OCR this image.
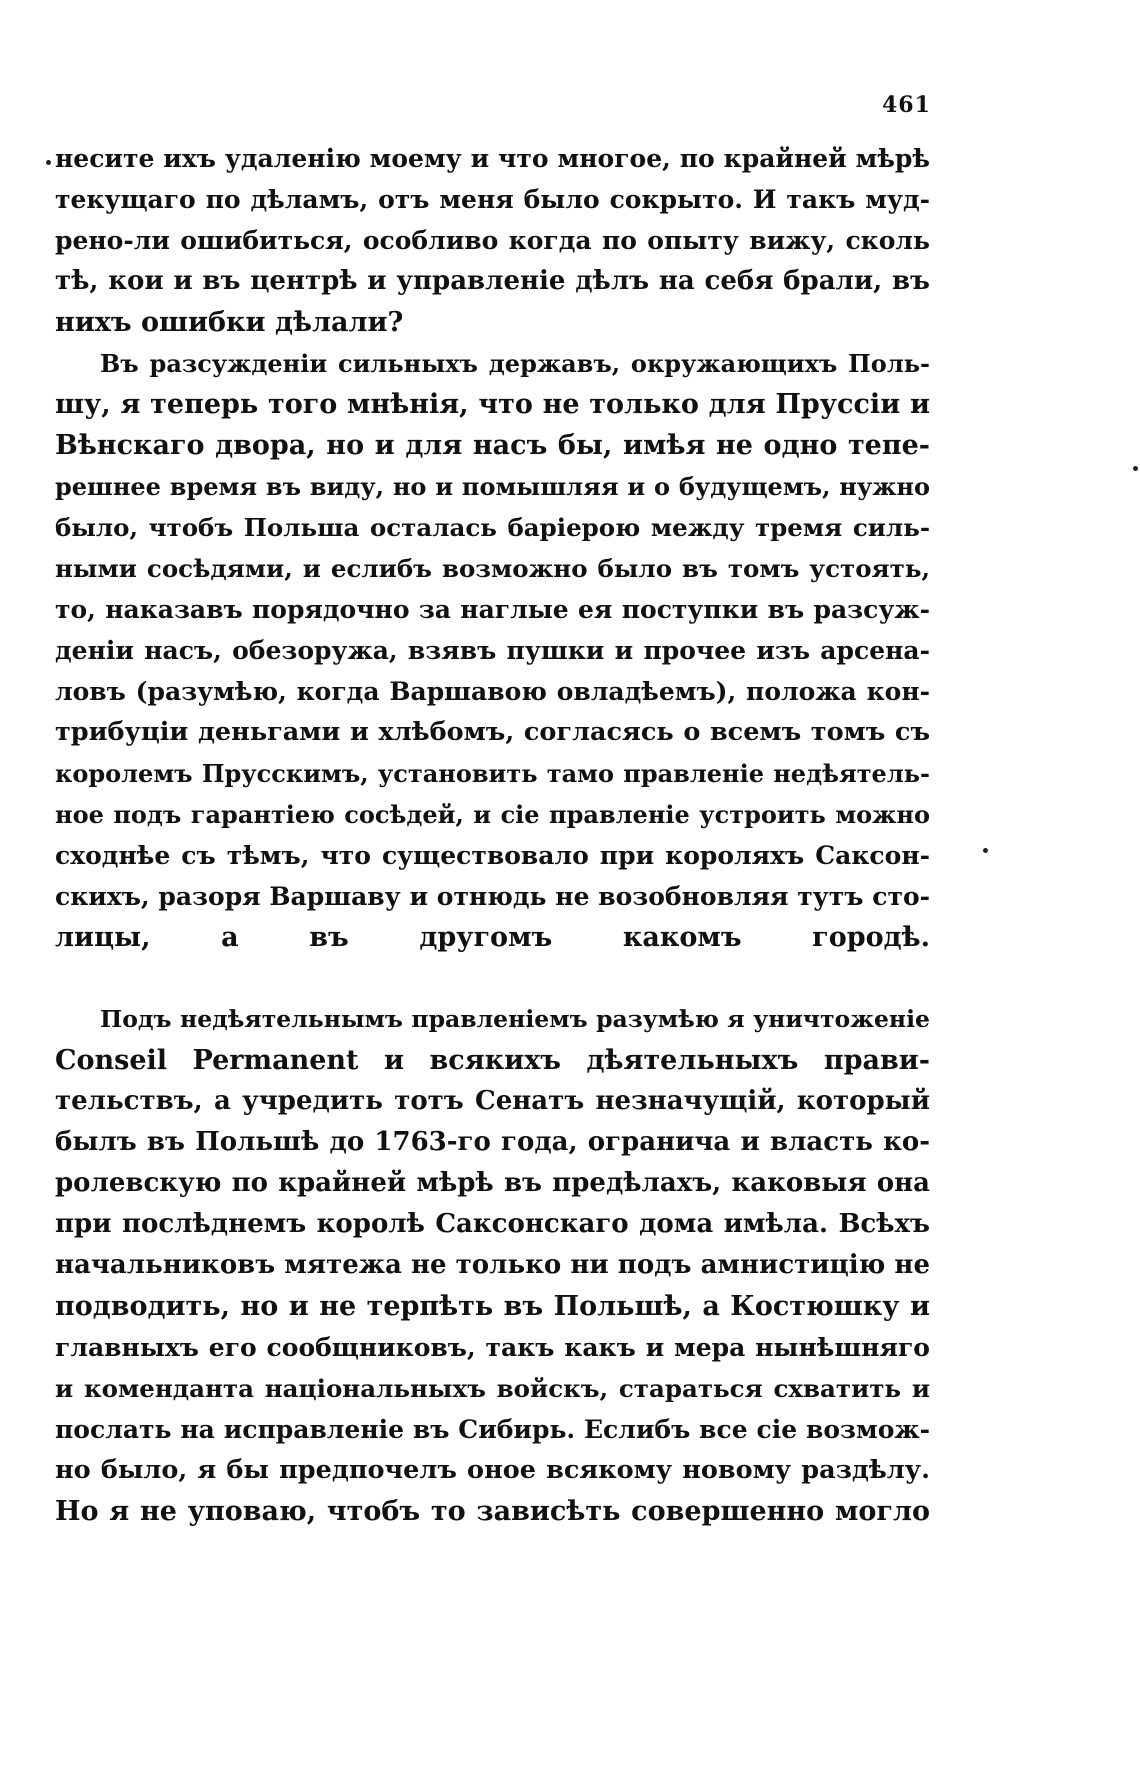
461
несите ихъ удаленію моему и что многое, по крайней мѣрѣ
текущаго по дѣламъ, отъ меня было сокрыто. И такъ муд-
рено-ли ошибиться, особливо когда по опыту вижу, сколь
тѣ, кои и въ центрѣ и управленіе дѣлъ на себя брали, въ
нихъ ошибки дѣлали?
Въ разсужденіи сильныхъ державъ, окружающихъ Поль-
шу, я теперь того мнѣнія, что не только для Пруссіи и
Вѣнскаго двора, но и для насъ бы, имѣя не одно тепе-
решнее время въ виду, но и помышляя и о будущемъ, нужно
было, чтобъ Польша осталась баріерою между тремя силь-
ными сосѣдями, и еслибъ возможно было въ томъ устоять,
то, наказавъ порядочно за наглые ея поступки въ разсуж-
деніи насъ, обезоружа, взявъ пушки и прочее изъ арсена-
ловъ (разумѣю, когда Варшавою овладѣемъ), положа кон-
трибуціи деньгами и хлѣбомъ, согласясь о всемъ томъ съ
королемъ Прусскимъ, установить тамо правленіе недѣятель-
ное подъ гарантіею сосѣдей, и сіе правленіе устроить можно
сходнѣе съ тѣмъ, что существовало при короляхъ Саксон-
скихъ, разоря Варшаву и отнюдь не возобновляя тутъ сто-
лицы, а въ другомъ какомъ городѣ.
Подъ недѣятельнымъ правленіемъ разумѣю я уничтоженіе
Conseil Permanent и всякихъ дѣятельныхъ прави-
тельствъ, а учредить тотъ Сенатъ незначущій, который
былъ въ Польшѣ до 1763-го года, ограничa и власть ко-
ролевскую по крайней мѣрѣ въ предѣлахъ, каковыя она
при послѣднемъ королѣ Саксонскаго дома имѣла. Всѣхъ
начальниковъ мятежа не только ни подъ амнистицію не
подводить, но и не терпѣть въ Польшѣ, а Костюшку и
главныхъ его сообщниковъ, такъ какъ и мера нынѣшняго
и коменданта національныхъ войскъ, стараться схватить и
послать на исправленіе въ Сибирь. Еслибъ все сіе возмож-
но было, я бы предпочелъ оное всякому новому раздѣлу.
Но я не уповаю, чтобъ то зависѣть совершенно могло
